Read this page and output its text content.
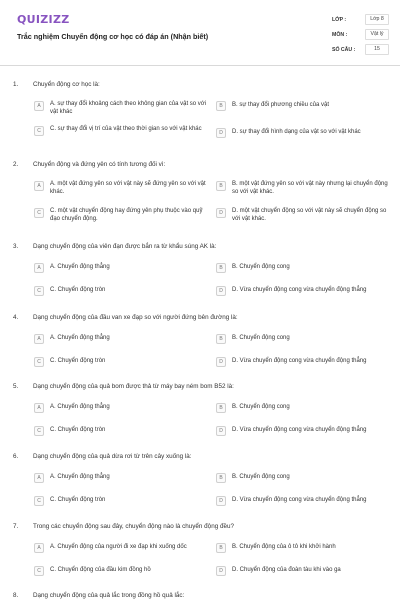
QUIZIZZ
Trắc nghiệm Chuyển động cơ học có đáp án (Nhận biết)
LỚP :	Lớp 8
MÔN :	Vật lý
SỐ CÂU :	15
1. Chuyển động cơ học là:
A	A. sự thay đổi khoảng cách theo không gian của vật so với vật khác
B	B. sự thay đổi phương chiều của vật
C	C. sự thay đổi vị trí của vật theo thời gian so với vật khác
D	D. sự thay đổi hình dạng của vật so với vật khác
2. Chuyển động và đứng yên có tính tương đối vì:
A	A. một vật đứng yên so với vật này sẽ đứng yên so với vật khác.
B	B. một vật đứng yên so với vật này nhưng lại chuyển động so với vật khác.
C	C. một vật chuyển động hay đứng yên phụ thuộc vào quỹ đạo chuyển động.
D	D. một vật chuyển động so với vật này sẽ chuyển động so với vật khác.
3. Dạng chuyển động của viên đạn được bắn ra từ khẩu súng AK là:
A	A. Chuyển động thẳng	B	B. Chuyển động cong
C	C. Chuyển động tròn	D	D. Vừa chuyển động cong vừa chuyển động thẳng
4. Dạng chuyển động của đầu van xe đạp so với người đứng bên đường là:
A	A. Chuyển động thẳng	B	B. Chuyển động cong
C	C. Chuyển động tròn	D	D. Vừa chuyển động cong vừa chuyển động thẳng
5. Dạng chuyển động của quả bom được thả từ máy bay ném bom B52 là:
A	A. Chuyển động thẳng	B	B. Chuyển động cong
C	C. Chuyển động tròn	D	D. Vừa chuyển động cong vừa chuyển động thẳng
6. Dạng chuyển động của quả dừa rơi từ trên cây xuống là:
A	A. Chuyển động thẳng	B	B. Chuyển động cong
C	C. Chuyển động tròn	D	D. Vừa chuyển động cong vừa chuyển động thẳng
7. Trong các chuyển động sau đây, chuyển động nào là chuyển động đều?
A	A. Chuyển động của người đi xe đạp khi xuống dốc	B	B. Chuyển động của ô tô khi khởi hành
C	C. Chuyển động của đầu kim đồng hồ	D	D. Chuyển động của đoàn tàu khi vào ga
8. Dạng chuyển động của quả lắc trong đồng hồ quả lắc:
